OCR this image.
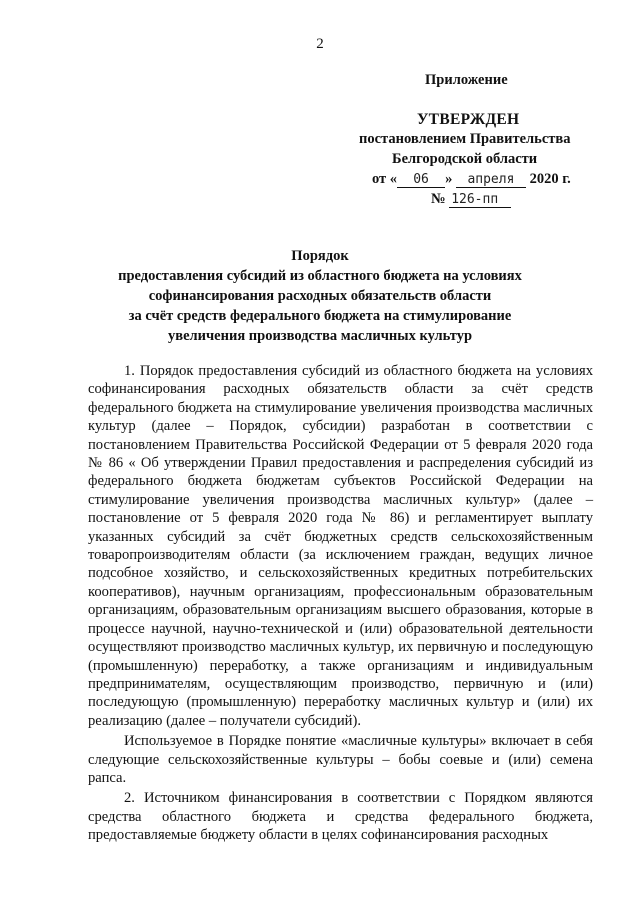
2
Приложение
УТВЕРЖДЕН
постановлением Правительства
Белгородской области
от « 06 » апреля 2020 г.
№ 126-пп
Порядок
предоставления субсидий из областного бюджета на условиях
софинансирования расходных обязательств области
за счёт средств федерального бюджета на стимулирование
увеличения производства масличных культур

1. Порядок предоставления субсидий из областного бюджета на условиях софинансирования расходных обязательств области за счёт средств федерального бюджета на стимулирование увеличения производства масличных культур (далее – Порядок, субсидии) разработан в соответствии с постановлением Правительства Российской Федерации от 5 февраля 2020 года № 86 « Об утверждении Правил предоставления и распределения субсидий из федерального бюджета бюджетам субъектов Российской Федерации на стимулирование увеличения производства масличных культур» (далее – постановление от 5 февраля 2020 года № 86) и регламентирует выплату указанных субсидий за счёт бюджетных средств сельскохозяйственным товаропроизводителям области (за исключением граждан, ведущих личное подсобное хозяйство, и сельскохозяйственных кредитных потребительских кооперативов), научным организациям, профессиональным образовательным организациям, образовательным организациям высшего образования, которые в процессе научной, научно-технической и (или) образовательной деятельности осуществляют производство масличных культур, их первичную и последующую (промышленную) переработку, а также организациям и индивидуальным предпринимателям, осуществляющим производство, первичную и (или) последующую (промышленную) переработку масличных культур и (или) их реализацию (далее – получатели субсидий).

Используемое в Порядке понятие «масличные культуры» включает в себя следующие сельскохозяйственные культуры – бобы соевые и (или) семена рапса.

2. Источником финансирования в соответствии с Порядком являются средства областного бюджета и средства федерального бюджета, предоставляемые бюджету области в целях софинансирования расходных
